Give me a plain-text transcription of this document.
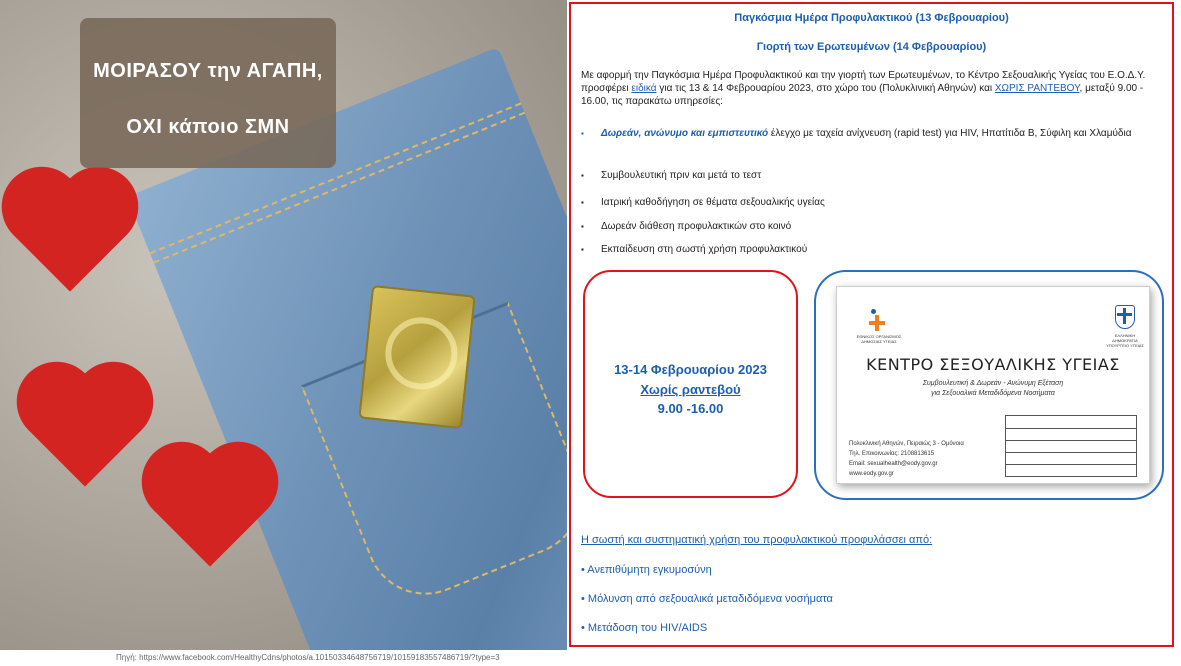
ΜΟΙΡΑΣΟΥ την ΑΓΑΠΗ,
ΟΧΙ κάποιο ΣΜΝ
Πηγή: https://www.facebook.com/HealthyCdns/photos/a.10150334648756719/10159183557486719/?type=3
Παγκόσμια Ημέρα Προφυλακτικού (13 Φεβρουαρίου)
Γιορτή των Ερωτευμένων (14 Φεβρουαρίου)
Με αφορμή την Παγκόσμια Ημέρα Προφυλακτικού και την γιορτή των Ερωτευμένων, το Κέντρο Σεξουαλικής Υγείας του Ε.Ο.Δ.Υ. προσφέρει ειδικά για τις 13 & 14 Φεβρουαρίου 2023, στο χώρο του (Πολυκλινική Αθηνών) και ΧΩΡΙΣ ΡΑΝΤΕΒΟΥ, μεταξύ 9.00 - 16.00, τις παρακάτω υπηρεσίες:
▪	Δωρεάν, ανώνυμο και εμπιστευτικό έλεγχο με ταχεία ανίχνευση (rapid test) για HIV, Ηπατίτιδα Β, Σύφιλη και Χλαμύδια
▪	Συμβουλευτική πριν και μετά το τεστ
▪	Ιατρική καθοδήγηση σε θέματα σεξουαλικής υγείας
▪	Δωρεάν διάθεση προφυλακτικών στο κοινό
▪	Εκπαίδευση στη σωστή χρήση προφυλακτικού
13-14 Φεβρουαρίου 2023
Χωρίς ραντεβού
9.00 -16.00
ΕΘΝΙΚΟΣ ΟΡΓΑΝΙΣΜΟΣ ΔΗΜΟΣΙΑΣ ΥΓΕΙΑΣ
ΕΛΛΗΝΙΚΗ ΔΗΜΟΚΡΑΤΙΑ ΥΠΟΥΡΓΕΙΟ ΥΓΕΙΑΣ
ΚΕΝΤΡΟ ΣΕΞΟΥΑΛΙΚΗΣ ΥΓΕΙΑΣ
Συμβουλευτική & Δωρεάν - Ανώνυμη Εξέταση
για Σεξουαλικά Μεταδιδόμενα Νοσήματα
Πολυκλινική Αθηνών, Πειραιώς 3 - Ομόνοια
Τηλ. Επικοινωνίας: 2108813615
Email: sexualhealth@eody.gov.gr
www.eody.gov.gr
Η σωστή και συστηματική χρήση του προφυλακτικού προφυλάσσει από:
• Ανεπιθύμητη εγκυμοσύνη
• Μόλυνση από σεξουαλικά μεταδιδόμενα νοσήματα
• Μετάδοση του HIV/AIDS
